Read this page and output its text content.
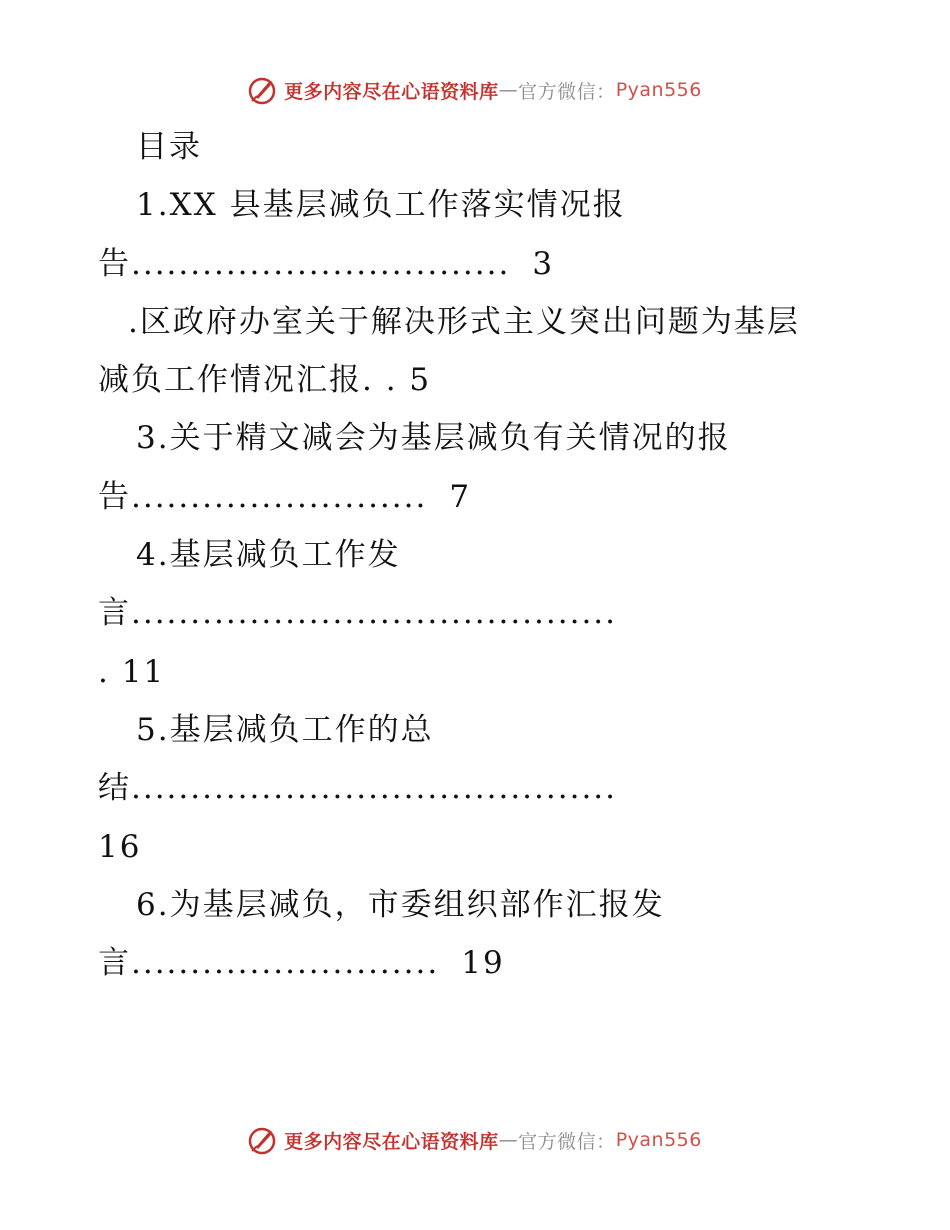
更多内容尽在心语资料库 — 官方微信： Pyan556
目录
1.XX 县基层减负工作落实情况报
告................................ 3
.区政府办室关于解决形式主义突出问题为基层
减负工作情况汇报. . 5
3.关于精文减会为基层减负有关情况的报
告......................... 7
4.基层减负工作发
言.........................................
. 11
5.基层减负工作的总
结.........................................
16
6.为基层减负，市委组织部作汇报发
言.......................... 19
更多内容尽在心语资料库 — 官方微信： Pyan556
